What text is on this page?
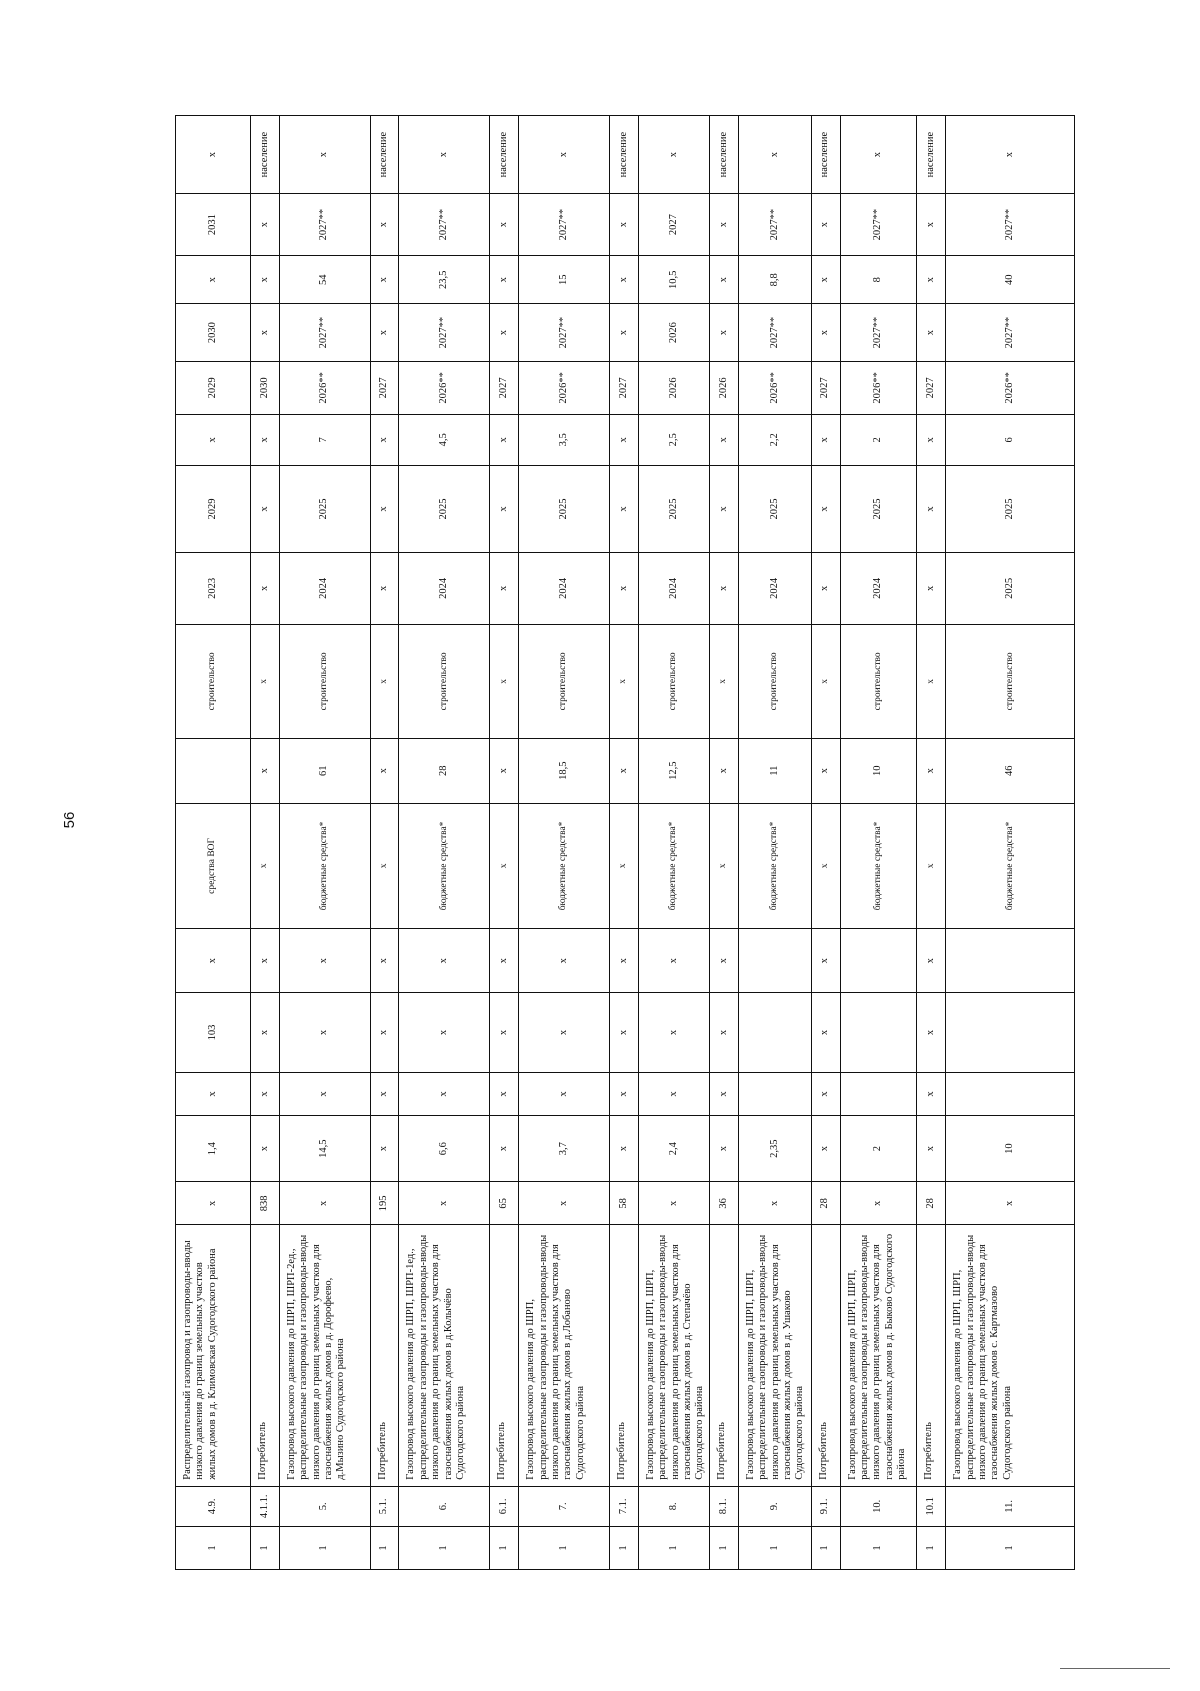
56
1
4.9.
Распределительный газопровод и газопроводы-вводы низкого давления до границ земельных участков жилых домов в д. Климовская Судогодского района
x
1,4
x
103
x
средства ВОГ
строительство
2023
2029
x
2029
2030
x
2031
x
1
4.1.1.
Потребитель
838
x
x
x
x
x
x
x
x
x
x
2030
x
x
x
население
1
5.
Газопровод высокого давления до ШРП, ШРП-2ед., распределительные газопроводы и газопроводы-вводы низкого давления до границ земельных участков для газоснабжения жилых домов в д. Дорофеево, д.Мызино Судогодского района
x
14,5
x
x
x
бюджетные средства*
61
строительство
2024
2025
7
2026**
2027**
54
2027**
x
1
5.1.
Потребитель
195
x
x
x
x
x
x
x
x
x
x
2027
x
x
x
население
1
6.
Газопровод высокого давления до ШРП, ШРП-1ед., распределительные газопроводы и газопроводы-вводы низкого давления до границ земельных участков для газоснабжения жилых домов в д.Колычёво Судогодского района
x
6,6
x
x
x
бюджетные средства*
28
строительство
2024
2025
4,5
2026**
2027**
23,5
2027**
x
1
6.1.
Потребитель
65
x
x
x
x
x
x
x
x
x
x
2027
x
x
x
население
1
7.
Газопровод высокого давления до ШРП, распределительные газопроводы и газопроводы-вводы низкого давления до границ земельных участков для газоснабжения жилых домов в д.Лобаново Судогодского района
x
3,7
x
x
x
бюджетные средства*
18,5
строительство
2024
2025
3,5
2026**
2027**
15
2027**
x
1
7.1.
Потребитель
58
x
x
x
x
x
x
x
x
x
x
2027
x
x
x
население
1
8.
Газопровод высокого давления до ШРП, ШРП, распределительные газопроводы и газопроводы-вводы низкого давления до границ земельных участков для газоснабжения жилых домов в д. Степачёво Судогодского района
x
2,4
x
x
x
бюджетные средства*
12,5
строительство
2024
2025
2,5
2026
2026
10,5
2027
x
1
8.1.
Потребитель
36
x
x
x
x
x
x
x
x
x
x
2026
x
x
x
население
1
9.
Газопровод высокого давления до ШРП, ШРП, распределительные газопроводы и газопроводы-вводы низкого давления до границ земельных участков для газоснабжения жилых домов в д. Ушаково Судогодского района
x
2,35
бюджетные средства*
11
строительство
2024
2025
2,2
2026**
2027**
8,8
2027**
x
1
9.1.
Потребитель
28
x
x
x
x
x
x
x
x
x
x
2027
x
x
x
население
1
10.
Газопровод высокого давления до ШРП, ШРП, распределительные газопроводы и газопроводы-вводы низкого давления до границ земельных участков для газоснабжения жилых домов в д. Быково Судогодского района
x
2
бюджетные средства*
10
строительство
2024
2025
2
2026**
2027**
8
2027**
x
1
10.1
Потребитель
28
x
x
x
x
x
x
x
x
x
x
2027
x
x
x
население
1
11.
Газопровод высокого давления до ШРП, ШРП, распределительные газопроводы и газопроводы-вводы низкого давления до границ земельных участков для газоснабжения жилых домов с. Картмазово Судогодского района
x
10
бюджетные средства*
46
строительство
2025
2025
6
2026**
2027**
40
2027**
x
